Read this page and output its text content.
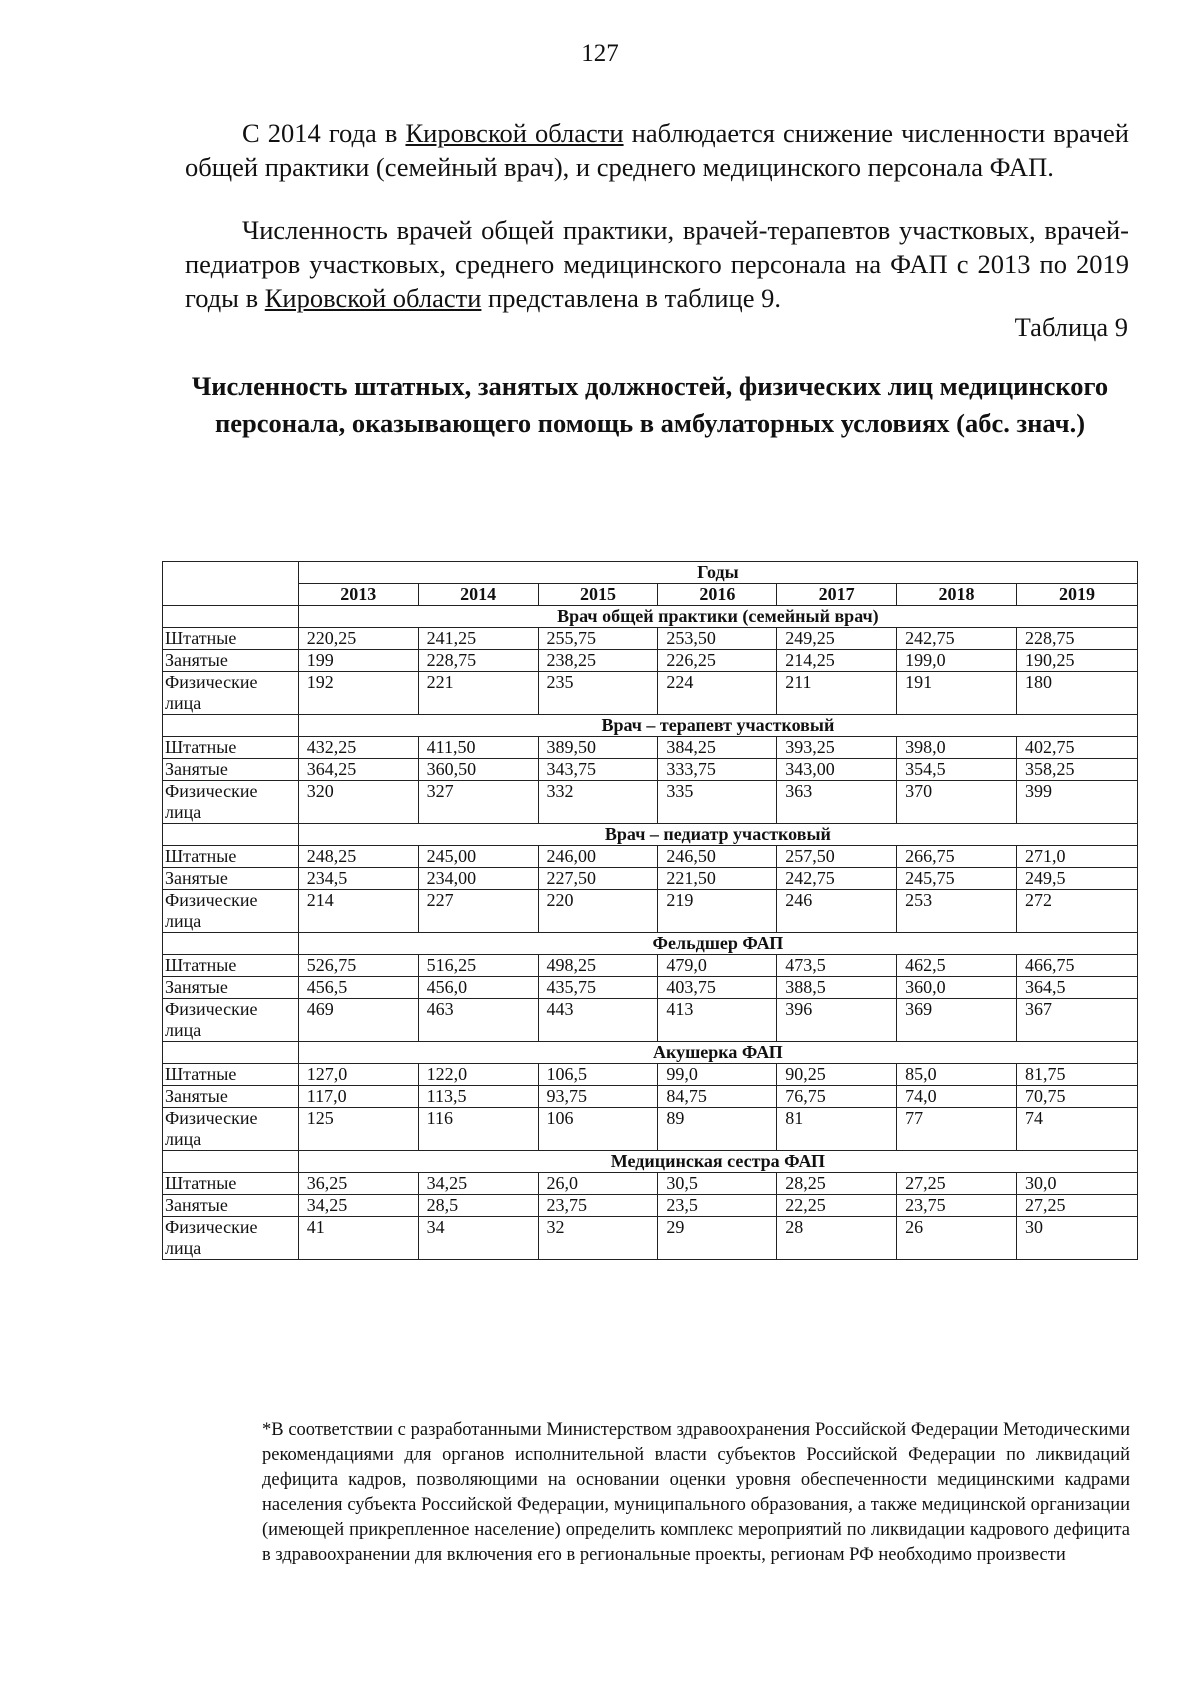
127
С 2014 года в Кировской области наблюдается снижение численности врачей общей практики (семейный врач), и среднего медицинского персонала ФАП.
Численность врачей общей практики, врачей-терапевтов участковых, врачей-педиатров участковых, среднего медицинского персонала на ФАП с 2013 по 2019 годы в Кировской области представлена в таблице 9.
Таблица 9
Численность штатных, занятых должностей, физических лиц медицинского персонала, оказывающего помощь в амбулаторных условиях (абс. знач.)
	Годы						
	2013	2014	2015	2016	2017	2018	2019
	Врач общей практики (семейный врач)						
Штатные	220,25	241,25	255,75	253,50	249,25	242,75	228,75
Занятые	199	228,75	238,25	226,25	214,25	199,0	190,25
Физические лица	192	221	235	224	211	191	180
	Врач – терапевт участковый						
Штатные	432,25	411,50	389,50	384,25	393,25	398,0	402,75
Занятые	364,25	360,50	343,75	333,75	343,00	354,5	358,25
Физические лица	320	327	332	335	363	370	399
	Врач – педиатр участковый						
Штатные	248,25	245,00	246,00	246,50	257,50	266,75	271,0
Занятые	234,5	234,00	227,50	221,50	242,75	245,75	249,5
Физические лица	214	227	220	219	246	253	272
	Фельдшер ФАП						
Штатные	526,75	516,25	498,25	479,0	473,5	462,5	466,75
Занятые	456,5	456,0	435,75	403,75	388,5	360,0	364,5
Физические лица	469	463	443	413	396	369	367
	Акушерка ФАП						
Штатные	127,0	122,0	106,5	99,0	90,25	85,0	81,75
Занятые	117,0	113,5	93,75	84,75	76,75	74,0	70,75
Физические лица	125	116	106	89	81	77	74
	Медицинская сестра ФАП						
Штатные	36,25	34,25	26,0	30,5	28,25	27,25	30,0
Занятые	34,25	28,5	23,75	23,5	22,25	23,75	27,25
Физические лица	41	34	32	29	28	26	30
*В соответствии с разработанными Министерством здравоохранения Российской Федерации Методическими рекомендациями для органов исполнительной власти субъектов Российской Федерации по ликвидаций дефицита кадров, позволяющими на основании оценки уровня обеспеченности медицинскими кадрами населения субъекта Российской Федерации, муниципального образования, а также медицинской организации (имеющей прикрепленное население) определить комплекс мероприятий по ликвидации кадрового дефицита в здравоохранении для включения его в региональные проекты, регионам РФ необходимо произвести
